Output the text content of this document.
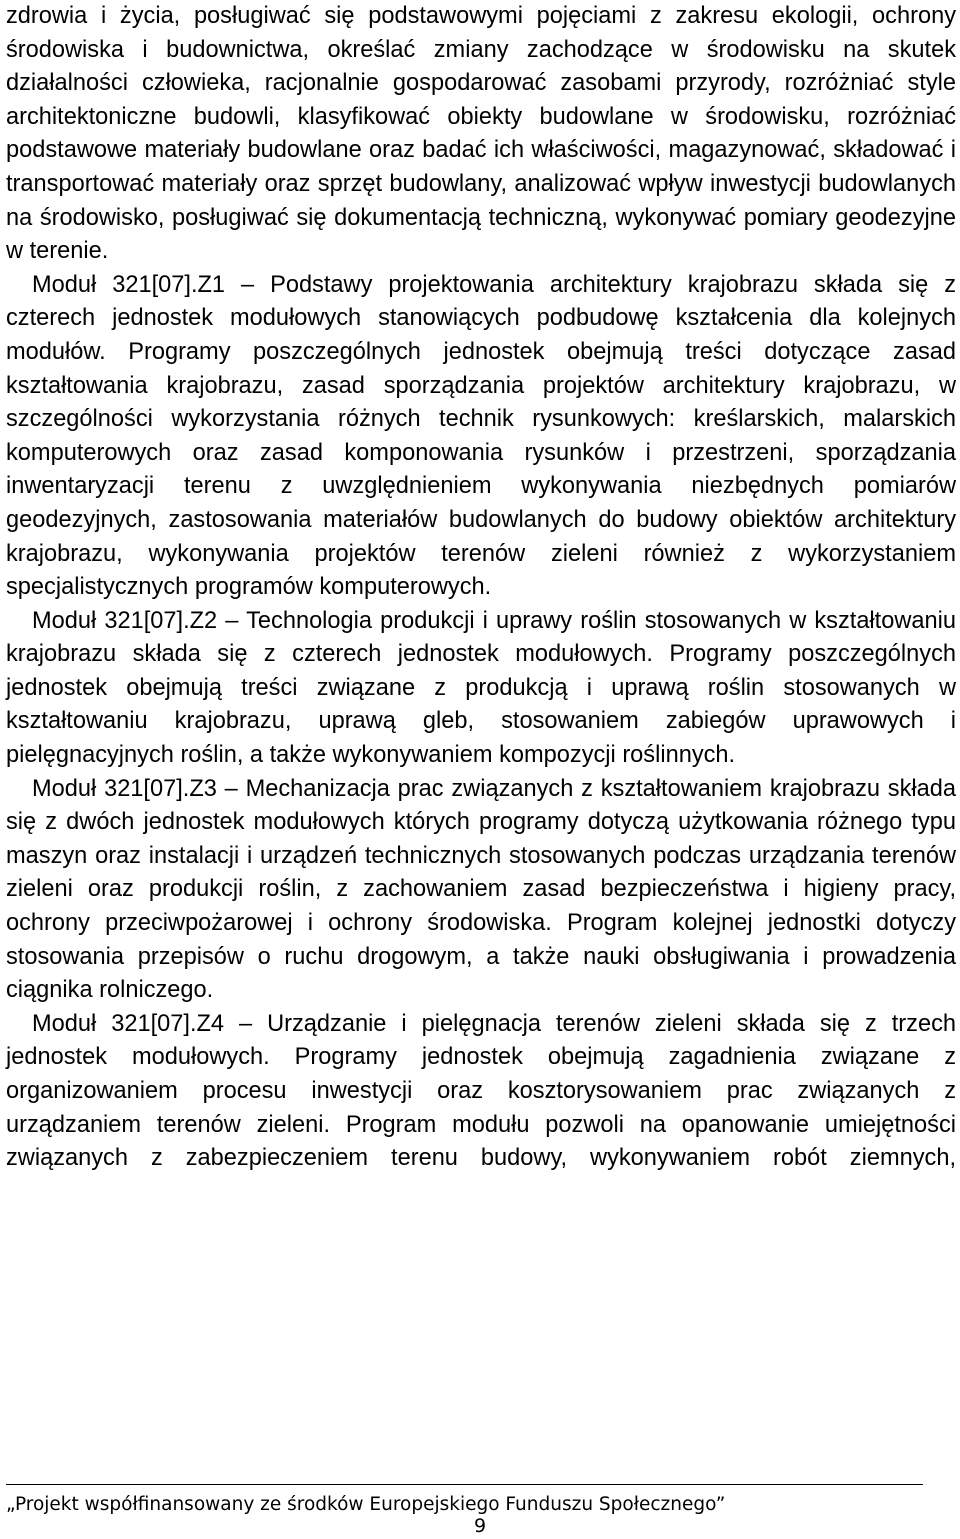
zdrowia i życia, posługiwać się podstawowymi pojęciami z zakresu ekologii, ochrony środowiska i budownictwa, określać zmiany zachodzące w środowisku na skutek działalności człowieka, racjonalnie gospodarować zasobami przyrody, rozróżniać style architektoniczne budowli, klasyfikować obiekty budowlane w środowisku, rozróżniać podstawowe materiały budowlane oraz badać ich właściwości, magazynować, składować i transportować materiały oraz sprzęt budowlany, analizować wpływ inwestycji budowlanych na środowisko, posługiwać się dokumentacją techniczną, wykonywać pomiary geodezyjne w terenie.

Moduł 321[07].Z1 – Podstawy projektowania architektury krajobrazu składa się z czterech jednostek modułowych stanowiących podbudowę kształcenia dla kolejnych modułów. Programy poszczególnych jednostek obejmują treści dotyczące zasad kształtowania krajobrazu, zasad sporządzania projektów architektury krajobrazu, w szczególności wykorzystania różnych technik rysunkowych: kreślarskich, malarskich komputerowych oraz zasad komponowania rysunków i przestrzeni, sporządzania inwentaryzacji terenu z uwzględnieniem wykonywania niezbędnych pomiarów geodezyjnych, zastosowania materiałów budowlanych do budowy obiektów architektury krajobrazu, wykonywania projektów terenów zieleni również z wykorzystaniem specjalistycznych programów komputerowych.

Moduł 321[07].Z2 – Technologia produkcji i uprawy roślin stosowanych w kształtowaniu krajobrazu składa się z czterech jednostek modułowych. Programy poszczególnych jednostek obejmują treści związane z produkcją i uprawą roślin stosowanych w kształtowaniu krajobrazu, uprawą gleb, stosowaniem zabiegów uprawowych i pielęgnacyjnych roślin, a także wykonywaniem kompozycji roślinnych.

Moduł 321[07].Z3 – Mechanizacja prac związanych z kształtowaniem krajobrazu składa się z dwóch jednostek modułowych których programy dotyczą użytkowania różnego typu maszyn oraz instalacji i urządzeń technicznych stosowanych podczas urządzania terenów zieleni oraz produkcji roślin, z zachowaniem zasad bezpieczeństwa i higieny pracy, ochrony przeciwpożarowej i ochrony środowiska. Program kolejnej jednostki dotyczy stosowania przepisów o ruchu drogowym, a także nauki obsługiwania i prowadzenia ciągnika rolniczego.

Moduł 321[07].Z4 – Urządzanie i pielęgnacja terenów zieleni składa się z trzech jednostek modułowych. Programy jednostek obejmują zagadnienia związane z organizowaniem procesu inwestycji oraz kosztorysowaniem prac związanych z urządzaniem terenów zieleni. Program modułu pozwoli na opanowanie umiejętności związanych z zabezpieczeniem terenu budowy, wykonywaniem robót ziemnych,

„Projekt współfinansowany ze środków Europejskiego Funduszu Społecznego”
9
